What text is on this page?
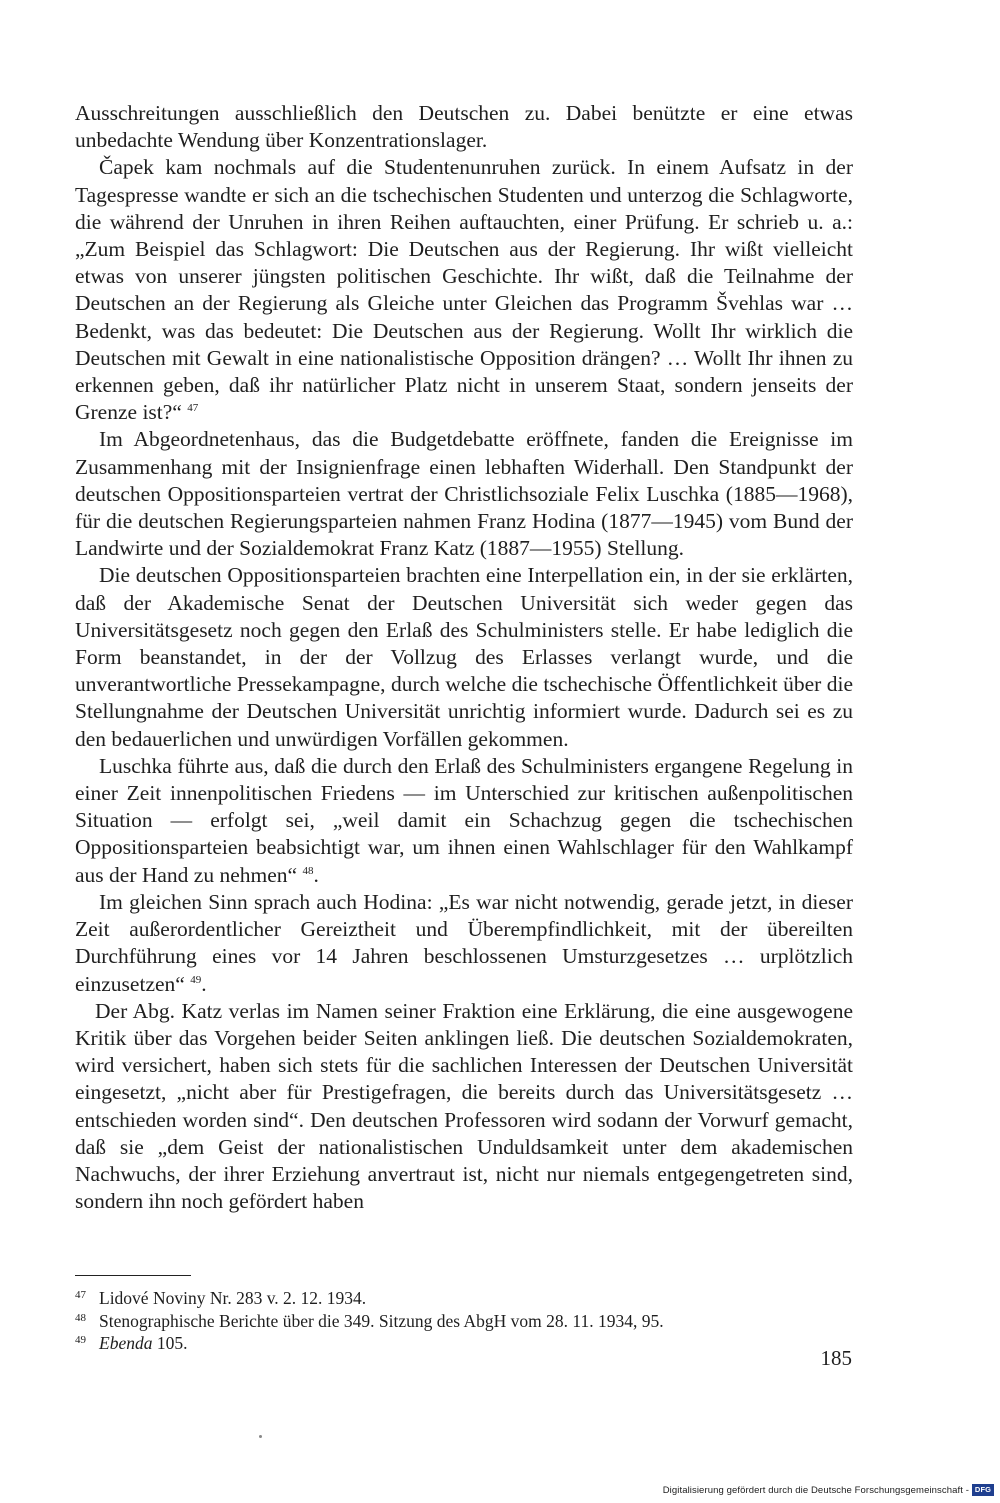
Ausschreitungen ausschließlich den Deutschen zu. Dabei benützte er eine etwas unbedachte Wendung über Konzentrationslager.

Čapek kam nochmals auf die Studentenunruhen zurück. In einem Aufsatz in der Tagespresse wandte er sich an die tschechischen Studenten und unterzog die Schlagworte, die während der Unruhen in ihren Reihen auftauchten, einer Prüfung. Er schrieb u. a.: „Zum Beispiel das Schlagwort: Die Deutschen aus der Regierung. Ihr wißt vielleicht etwas von unserer jüngsten politischen Geschichte. Ihr wißt, daß die Teilnahme der Deutschen an der Regierung als Gleiche unter Gleichen das Programm Švehlas war … Bedenkt, was das bedeutet: Die Deutschen aus der Regierung. Wollt Ihr wirklich die Deutschen mit Gewalt in eine nationalistische Opposition drängen? … Wollt Ihr ihnen zu erkennen geben, daß ihr natürlicher Platz nicht in unserem Staat, sondern jenseits der Grenze ist?“ $^{47}$

Im Abgeordnetenhaus, das die Budgetdebatte eröffnete, fanden die Ereignisse im Zusammenhang mit der Insignienfrage einen lebhaften Widerhall. Den Standpunkt der deutschen Oppositionsparteien vertrat der Christlichsoziale Felix Luschka (1885—1968), für die deutschen Regierungsparteien nahmen Franz Hodina (1877—1945) vom Bund der Landwirte und der Sozialdemokrat Franz Katz (1887—1955) Stellung.

Die deutschen Oppositionsparteien brachten eine Interpellation ein, in der sie erklärten, daß der Akademische Senat der Deutschen Universität sich weder gegen das Universitätsgesetz noch gegen den Erlaß des Schulministers stelle. Er habe lediglich die Form beanstandet, in der der Vollzug des Erlasses verlangt wurde, und die unverantwortliche Pressekampagne, durch welche die tschechische Öffentlichkeit über die Stellungnahme der Deutschen Universität unrichtig informiert wurde. Dadurch sei es zu den bedauerlichen und unwürdigen Vorfällen gekommen.

Luschka führte aus, daß die durch den Erlaß des Schulministers ergangene Regelung in einer Zeit innenpolitischen Friedens — im Unterschied zur kritischen außenpolitischen Situation — erfolgt sei, „weil damit ein Schachzug gegen die tschechischen Oppositionsparteien beabsichtigt war, um ihnen einen Wahlschlager für den Wahlkampf aus der Hand zu nehmen“ $^{48}$.

Im gleichen Sinn sprach auch Hodina: „Es war nicht notwendig, gerade jetzt, in dieser Zeit außerordentlicher Gereiztheit und Überempfindlichkeit, mit der übereilten Durchführung eines vor 14 Jahren beschlossenen Umsturzgesetzes … urplötzlich einzusetzen“ $^{49}$.

Der Abg. Katz verlas im Namen seiner Fraktion eine Erklärung, die eine ausgewogene Kritik über das Vorgehen beider Seiten anklingen ließ. Die deutschen Sozialdemokraten, wird versichert, haben sich stets für die sachlichen Interessen der Deutschen Universität eingesetzt, „nicht aber für Prestigefragen, die bereits durch das Universitätsgesetz … entschieden worden sind“. Den deutschen Professoren wird sodann der Vorwurf gemacht, daß sie „dem Geist der nationalistischen Unduldsamkeit unter dem akademischen Nachwuchs, der ihrer Erziehung anvertraut ist, nicht nur niemals entgegengetreten sind, sondern ihn noch gefördert haben

47 Lidové Noviny Nr. 283 v. 2. 12. 1934.

48 Stenographische Berichte über die 349. Sitzung des AbgH vom 28. 11. 1934, 95.

49 Ebenda 105.

185
Digitalisierung gefördert durch die Deutsche Forschungsgemeinschaft - DFG
